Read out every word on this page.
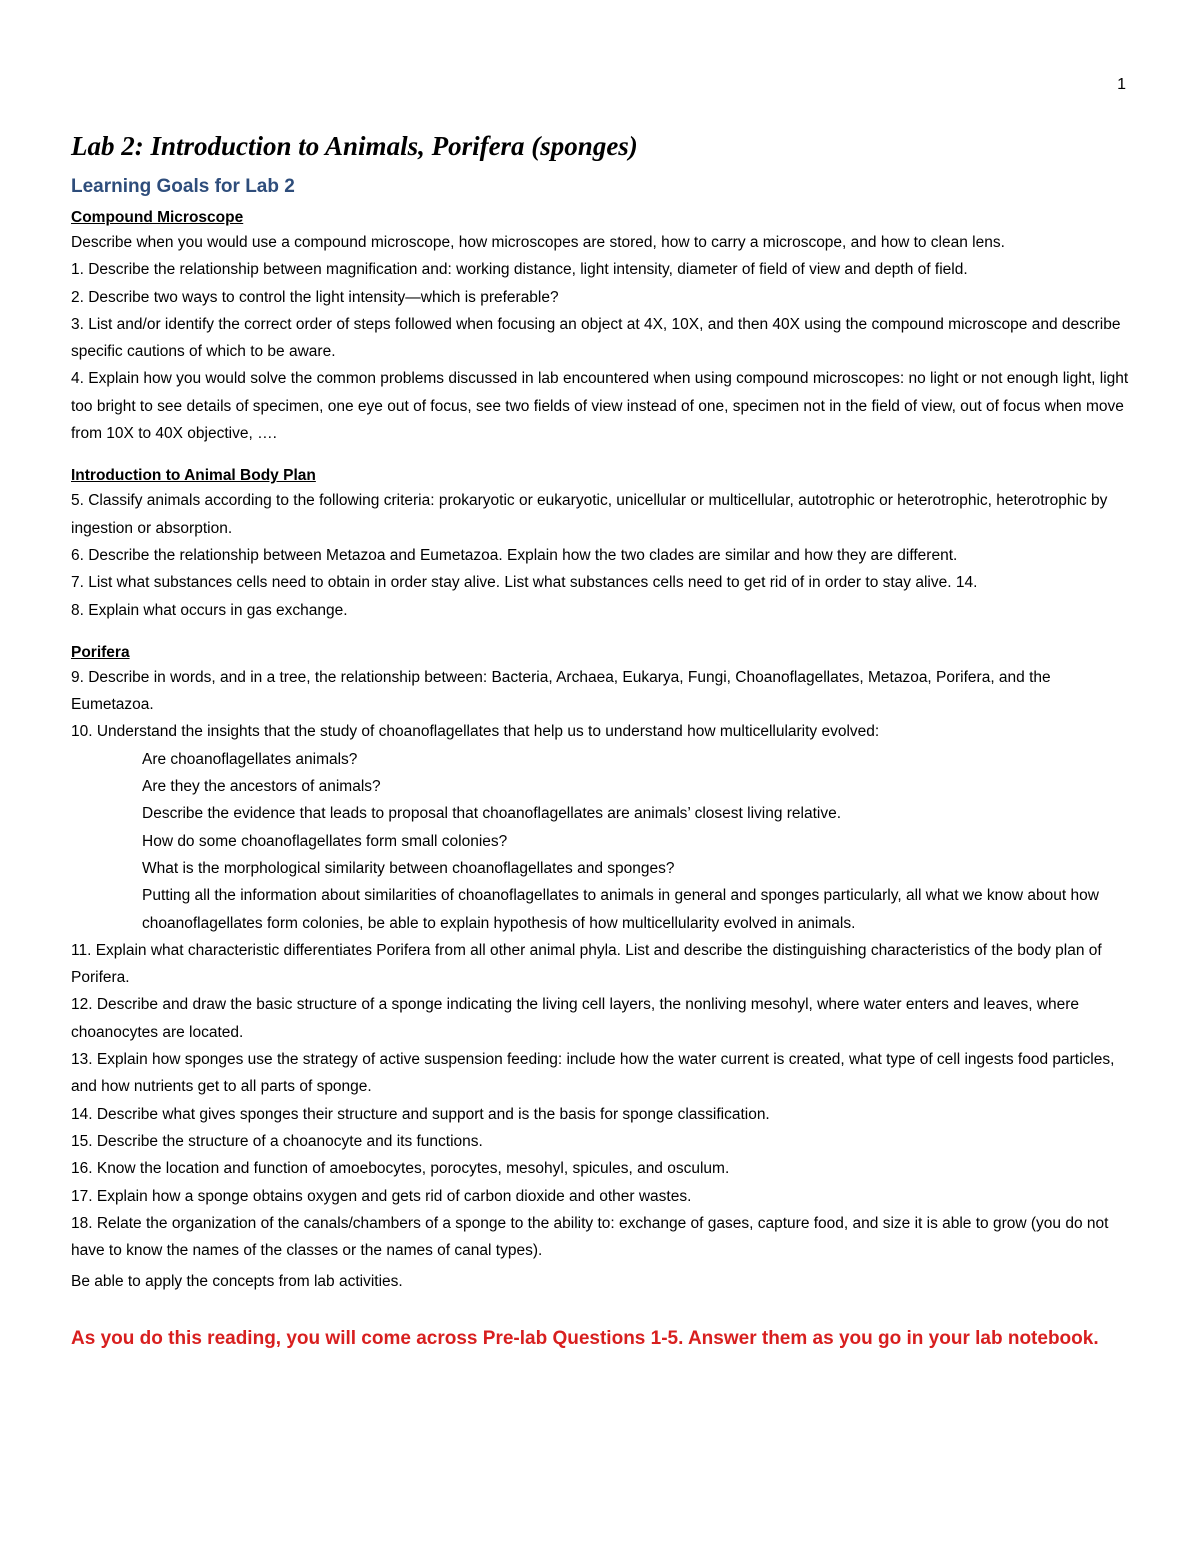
1
Lab 2: Introduction to Animals, Porifera (sponges)
Learning Goals for Lab 2

Compound Microscope

Describe when you would use a compound microscope, how microscopes are stored, how to carry a microscope, and how to clean lens.

1. Describe the relationship between magnification and: working distance, light intensity, diameter of field of view and depth of field.

2. Describe two ways to control the light intensity—which is preferable?

3. List and/or identify the correct order of steps followed when focusing an object at 4X, 10X, and then 40X using the compound microscope and describe specific cautions of which to be aware.

4. Explain how you would solve the common problems discussed in lab encountered when using compound microscopes: no light or not enough light, light too bright to see details of specimen, one eye out of focus, see two fields of view instead of one, specimen not in the field of view, out of focus when move from 10X to 40X objective, ….

Introduction to Animal Body Plan

5. Classify animals according to the following criteria: prokaryotic or eukaryotic, unicellular or multicellular, autotrophic or heterotrophic, heterotrophic by ingestion or absorption.

6. Describe the relationship between Metazoa and Eumetazoa. Explain how the two clades are similar and how they are different.

7. List what substances cells need to obtain in order stay alive. List what substances cells need to get rid of in order to stay alive. 14.

8. Explain what occurs in gas exchange.

Porifera

9. Describe in words, and in a tree, the relationship between: Bacteria, Archaea, Eukarya, Fungi, Choanoflagellates, Metazoa, Porifera, and the Eumetazoa.

10. Understand the insights that the study of choanoflagellates that help us to understand how multicellularity evolved:

Are choanoflagellates animals?
Are they the ancestors of animals?
Describe the evidence that leads to proposal that choanoflagellates are animals’ closest living relative.
How do some choanoflagellates form small colonies?
What is the morphological similarity between choanoflagellates and sponges?
Putting all the information about similarities of choanoflagellates to animals in general and sponges particularly, all what we know about how choanoflagellates form colonies, be able to explain hypothesis of how multicellularity evolved in animals.

11. Explain what characteristic differentiates Porifera from all other animal phyla. List and describe the distinguishing characteristics of the body plan of Porifera.

12. Describe and draw the basic structure of a sponge indicating the living cell layers, the nonliving mesohyl, where water enters and leaves, where choanocytes are located.

13. Explain how sponges use the strategy of active suspension feeding: include how the water current is created, what type of cell ingests food particles, and how nutrients get to all parts of sponge.

14. Describe what gives sponges their structure and support and is the basis for sponge classification.

15. Describe the structure of a choanocyte and its functions.

16. Know the location and function of amoebocytes, porocytes, mesohyl, spicules, and osculum.

17. Explain how a sponge obtains oxygen and gets rid of carbon dioxide and other wastes.

18. Relate the organization of the canals/chambers of a sponge to the ability to: exchange of gases, capture food, and size it is able to grow (you do not have to know the names of the classes or the names of canal types).

Be able to apply the concepts from lab activities.

As you do this reading, you will come across Pre-lab Questions 1-5. Answer them as you go in your lab notebook.
